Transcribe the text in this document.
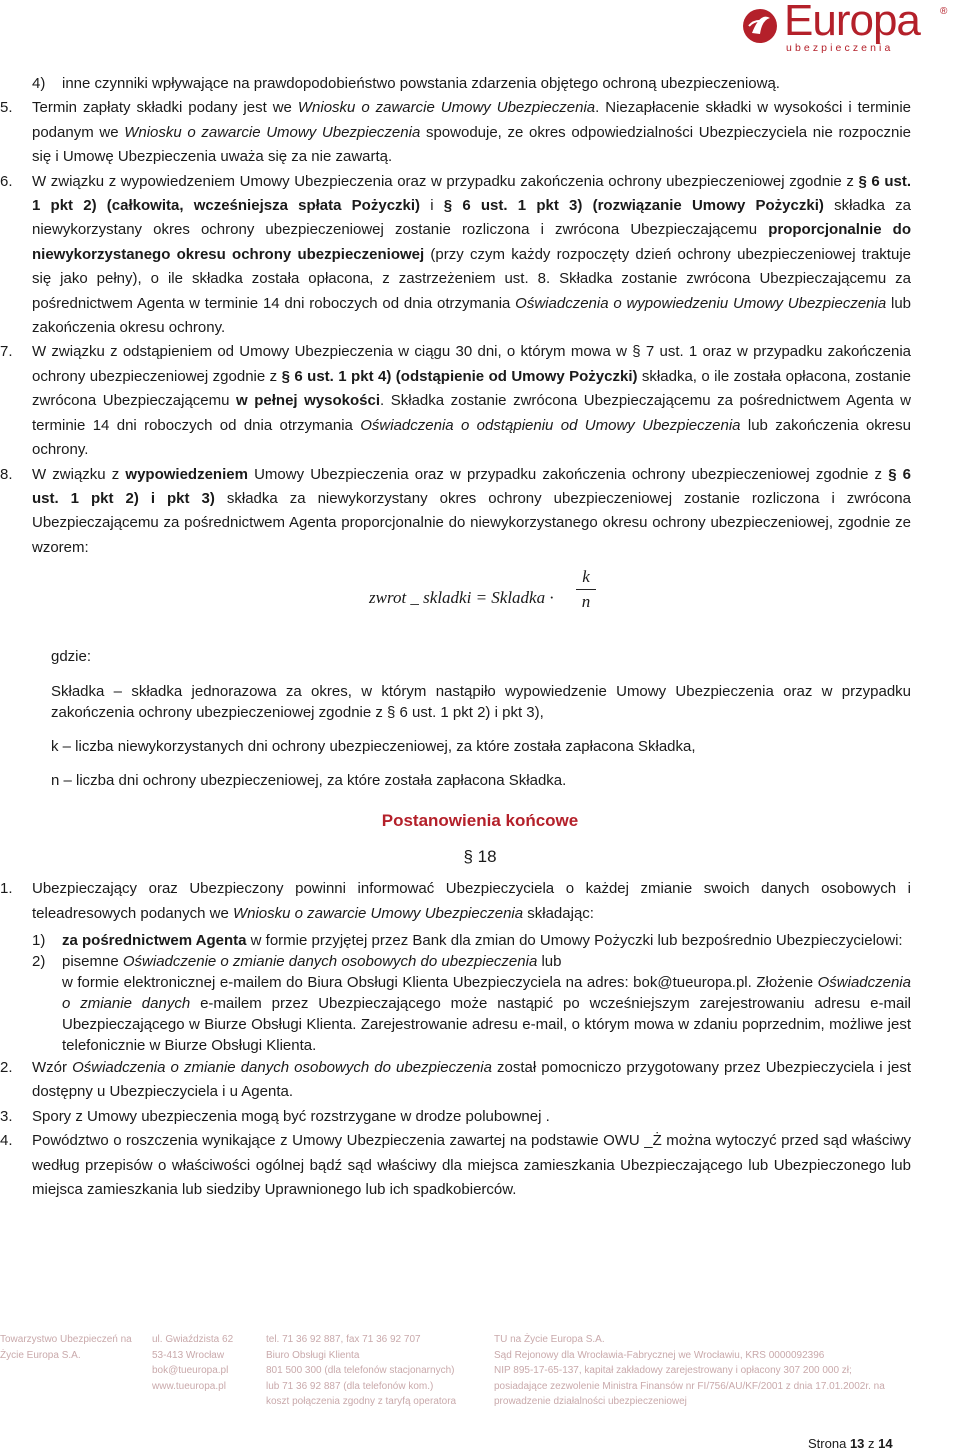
Europa ®
ubezpieczenia
4) inne czynniki wpływające na prawdopodobieństwo powstania zdarzenia objętego ochroną ubezpieczeniową.

5. Termin zapłaty składki podany jest we Wniosku o zawarcie Umowy Ubezpieczenia. Niezapłacenie składki w wysokości i terminie podanym we Wniosku o zawarcie Umowy Ubezpieczenia spowoduje, ze okres odpowiedzialności Ubezpieczyciela nie rozpocznie się i Umowę Ubezpieczenia uważa się za nie zawartą.

6. W związku z wypowiedzeniem Umowy Ubezpieczenia oraz w przypadku zakończenia ochrony ubezpieczeniowej zgodnie z § 6 ust. 1 pkt 2) (całkowita, wcześniejsza spłata Pożyczki) i § 6 ust. 1 pkt 3) (rozwiązanie Umowy Pożyczki) składka za niewykorzystany okres ochrony ubezpieczeniowej zostanie rozliczona i zwrócona Ubezpieczającemu proporcjonalnie do niewykorzystanego okresu ochrony ubezpieczeniowej (przy czym każdy rozpoczęty dzień ochrony ubezpieczeniowej traktuje się jako pełny), o ile składka została opłacona, z zastrzeżeniem ust. 8. Składka zostanie zwrócona Ubezpieczającemu za pośrednictwem Agenta w terminie 14 dni roboczych od dnia otrzymania Oświadczenia o wypowiedzeniu Umowy Ubezpieczenia lub zakończenia okresu ochrony.

7. W związku z odstąpieniem od Umowy Ubezpieczenia w ciągu 30 dni, o którym mowa w § 7 ust. 1 oraz w przypadku zakończenia ochrony ubezpieczeniowej zgodnie z § 6 ust. 1 pkt 4) (odstąpienie od Umowy Pożyczki) składka, o ile została opłacona, zostanie zwrócona Ubezpieczającemu w pełnej wysokości. Składka zostanie zwrócona Ubezpieczającemu za pośrednictwem Agenta w terminie 14 dni roboczych od dnia otrzymania Oświadczenia o odstąpieniu od Umowy Ubezpieczenia lub zakończenia okresu ochrony.

8. W związku z wypowiedzeniem Umowy Ubezpieczenia oraz w przypadku zakończenia ochrony ubezpieczeniowej zgodnie z § 6 ust. 1 pkt 2) i pkt 3) składka za niewykorzystany okres ochrony ubezpieczeniowej zostanie rozliczona i zwrócona Ubezpieczającemu za pośrednictwem Agenta proporcjonalnie do niewykorzystanego okresu ochrony ubezpieczeniowej, zgodnie ze wzorem:

zwrot _ skladki = Skladka ·
k
n
gdzie:
Składka – składka jednorazowa za okres, w którym nastąpiło wypowiedzenie Umowy Ubezpieczenia oraz w przypadku zakończenia ochrony ubezpieczeniowej zgodnie z § 6 ust. 1 pkt 2) i pkt 3),
k – liczba niewykorzystanych dni ochrony ubezpieczeniowej, za które została zapłacona Składka,
n – liczba dni ochrony ubezpieczeniowej, za które została zapłacona Składka.
Postanowienia końcowe
§ 18
1. Ubezpieczający oraz Ubezpieczony powinni informować Ubezpieczyciela o każdej zmianie swoich danych osobowych i teleadresowych podanych we Wniosku o zawarcie Umowy Ubezpieczenia składając:

1) za pośrednictwem Agenta w formie przyjętej przez Bank dla zmian do Umowy Pożyczki lub bezpośrednio Ubezpieczycielowi:

2) pisemne Oświadczenie o zmianie danych osobowych do ubezpieczenia lub
w formie elektronicznej e-mailem do Biura Obsługi Klienta Ubezpieczyciela na adres: bok@tueuropa.pl. Złożenie Oświadczenia o zmianie danych e-mailem przez Ubezpieczającego może nastąpić po wcześniejszym zarejestrowaniu adresu e-mail Ubezpieczającego w Biurze Obsługi Klienta. Zarejestrowanie adresu e-mail, o którym mowa w zdaniu poprzednim, możliwe jest telefonicznie w Biurze Obsługi Klienta.

2. Wzór Oświadczenia o zmianie danych osobowych do ubezpieczenia został pomocniczo przygotowany przez Ubezpieczyciela i jest dostępny u Ubezpieczyciela i u Agenta.

3. Spory z Umowy ubezpieczenia mogą być rozstrzygane w drodze polubownej .

4. Powództwo o roszczenia wynikające z Umowy Ubezpieczenia zawartej na podstawie OWU _Ż można wytoczyć przed sąd właściwy według przepisów o właściwości ogólnej bądź sąd właściwy dla miejsca zamieszkania Ubezpieczającego lub Ubezpieczonego lub miejsca zamieszkania lub siedziby Uprawnionego lub ich spadkobierców.

Towarzystwo Ubezpieczeń na
Życie Europa S.A.
ul. Gwiaździsta 62
53-413 Wrocław
bok@tueuropa.pl
www.tueuropa.pl
tel. 71 36 92 887, fax 71 36 92 707
Biuro Obsługi Klienta
801 500 300 (dla telefonów stacjonarnych)
lub 71 36 92 887 (dla telefonów kom.)
koszt połączenia zgodny z taryfą operatora
TU na Życie Europa S.A.
Sąd Rejonowy dla Wrocławia-Fabrycznej we Wrocławiu, KRS 0000092396
NIP 895-17-65-137, kapitał zakładowy zarejestrowany i opłacony 307 200 000 zł;
posiadające zezwolenie Ministra Finansów nr FI/756/AU/KF/2001 z dnia 17.01.2002r. na
prowadzenie działalności ubezpieczeniowej
Strona 13 z 14
